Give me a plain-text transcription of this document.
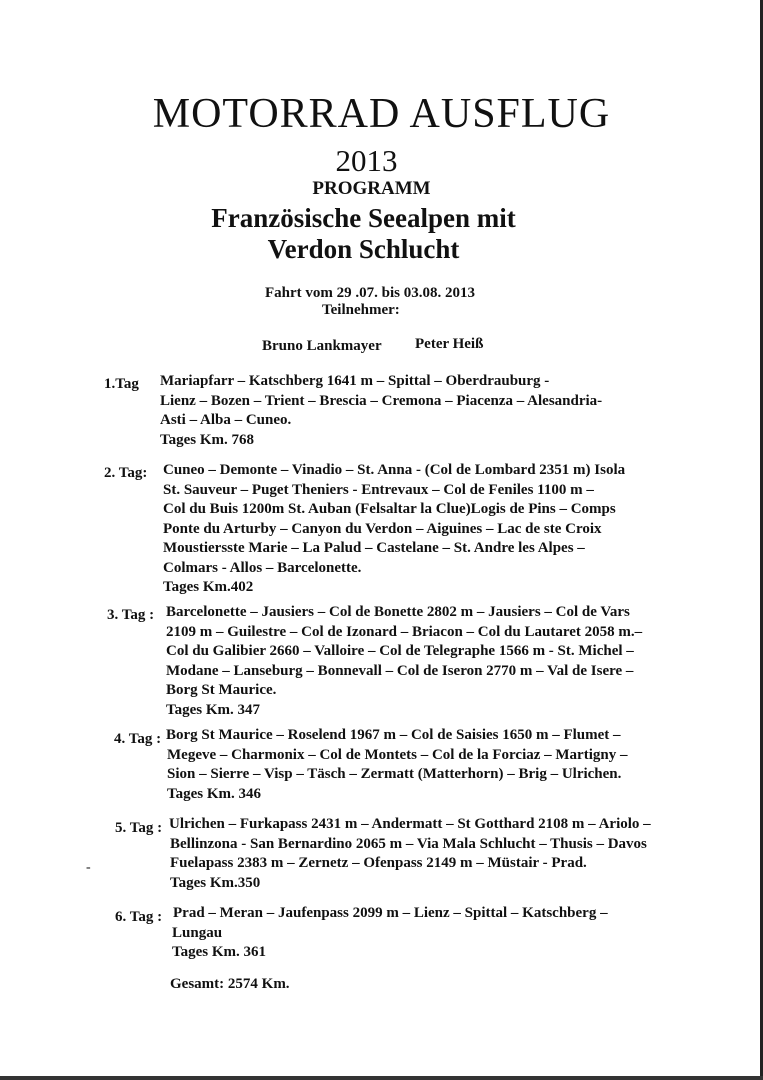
MOTORRAD AUSFLUG
2013
PROGRAMM
Französische Seealpen mit
Verdon Schlucht
Fahrt vom 29 .07. bis 03.08. 2013
Teilnehmer:
Bruno Lankmayer Peter Heiß
1.Tag Mariapfarr – Katschberg 1641 m – Spittal – Oberdrauburg -
Lienz – Bozen – Trient – Brescia – Cremona – Piacenza – Alesandria-
Asti – Alba – Cuneo.
Tages Km. 768
2. Tag: Cuneo – Demonte – Vinadio – St. Anna - (Col de Lombard 2351 m) Isola
St. Sauveur – Puget Theniers - Entrevaux – Col de Feniles 1100 m –
Col du Buis 1200m St. Auban (Felsaltar la Clue)Logis de Pins – Comps
Ponte du Arturby – Canyon du Verdon – Aiguines – Lac de ste Croix
Moustiersste Marie – La Palud – Castelane – St. Andre les Alpes –
Colmars - Allos – Barcelonette.
Tages Km.402
3. Tag : Barcelonette – Jausiers – Col de Bonette 2802 m – Jausiers – Col de Vars
2109 m – Guilestre – Col de Izonard – Briacon – Col du Lautaret 2058 m.–
Col du Galibier 2660 – Valloire – Col de Telegraphe 1566 m - St. Michel –
Modane – Lanseburg – Bonnevall – Col de Iseron 2770 m – Val de Isere –
Borg St Maurice.
Tages Km. 347
4. Tag : Borg St Maurice – Roselend 1967 m – Col de Saisies 1650 m – Flumet –
Megeve – Charmonix – Col de Montets – Col de la Forciaz – Martigny –
Sion – Sierre – Visp – Täsch – Zermatt (Matterhorn) – Brig – Ulrichen.
Tages Km. 346
5. Tag : Ulrichen – Furkapass 2431 m – Andermatt – St Gotthard 2108 m – Ariolo –
Bellinzona - San Bernardino 2065 m – Via Mala Schlucht – Thusis – Davos
Fuelapass 2383 m – Zernetz – Ofenpass 2149 m – Müstair - Prad.
Tages Km.350
6. Tag : Prad – Meran – Jaufenpass 2099 m – Lienz – Spittal – Katschberg –
Lungau
Tages Km. 361
Gesamt: 2574 Km.
-
